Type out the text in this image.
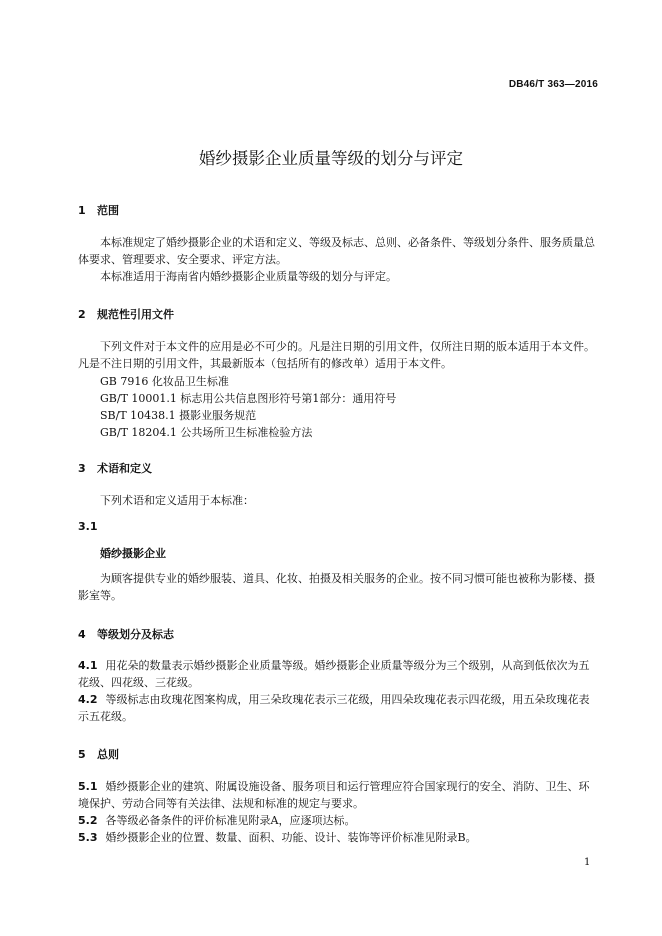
DB46/T 363—2016
婚纱摄影企业质量等级的划分与评定
1 范围
本标准规定了婚纱摄影企业的术语和定义、等级及标志、总则、必备条件、等级划分条件、服务质量总体要求、管理要求、安全要求、评定方法。
本标准适用于海南省内婚纱摄影企业质量等级的划分与评定。
2 规范性引用文件
下列文件对于本文件的应用是必不可少的。凡是注日期的引用文件，仅所注日期的版本适用于本文件。凡是不注日期的引用文件，其最新版本（包括所有的修改单）适用于本文件。
GB 7916 化妆品卫生标准
GB/T 10001.1 标志用公共信息图形符号第1部分：通用符号
SB/T 10438.1 摄影业服务规范
GB/T 18204.1 公共场所卫生标准检验方法
3 术语和定义
下列术语和定义适用于本标准：
3.1
婚纱摄影企业
为顾客提供专业的婚纱服装、道具、化妆、拍摄及相关服务的企业。按不同习惯可能也被称为影楼、摄影室等。
4 等级划分及标志
4.1 用花朵的数量表示婚纱摄影企业质量等级。婚纱摄影企业质量等级分为三个级别，从高到低依次为五花级、四花级、三花级。
4.2 等级标志由玫瑰花图案构成，用三朵玫瑰花表示三花级，用四朵玫瑰花表示四花级，用五朵玫瑰花表示五花级。
5 总则
5.1 婚纱摄影企业的建筑、附属设施设备、服务项目和运行管理应符合国家现行的安全、消防、卫生、环境保护、劳动合同等有关法律、法规和标准的规定与要求。
5.2 各等级必备条件的评价标准见附录A，应逐项达标。
5.3 婚纱摄影企业的位置、数量、面积、功能、设计、装饰等评价标准见附录B。
1
